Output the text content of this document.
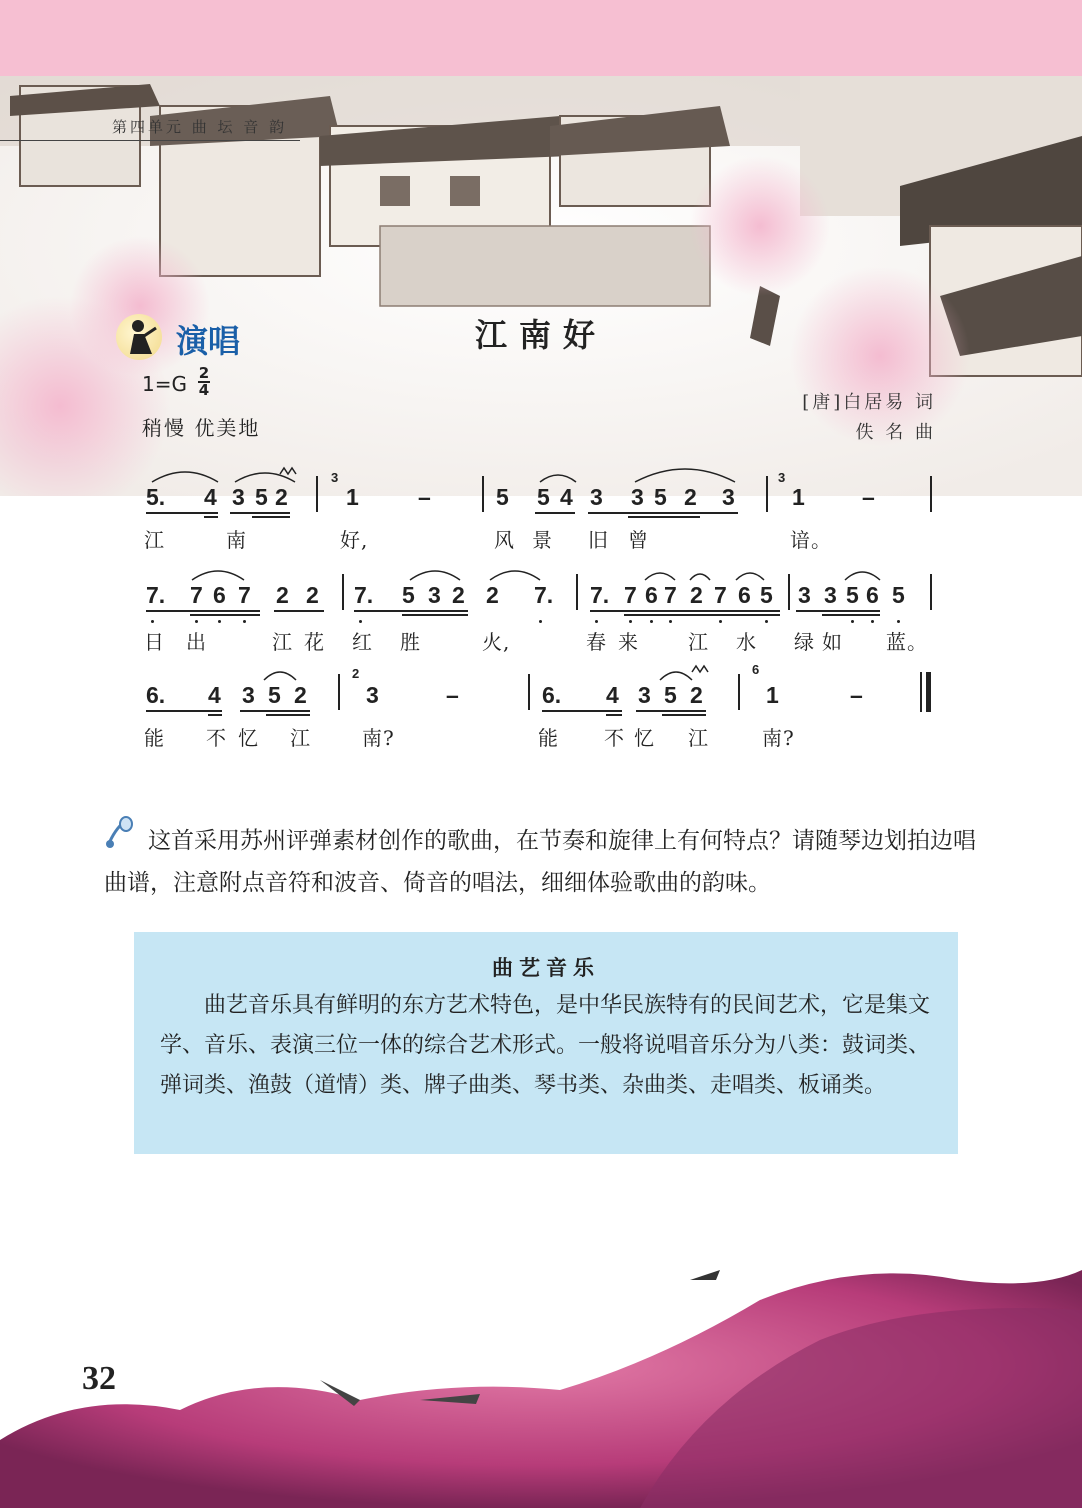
第四单元 曲 坛 音 韵
演唱	江南好
1=G 2
4
稍慢 优美地
[唐]白居易 词
佚 名 曲
5. 4 3 5 2	1	–	5 5 4 3 3 5 2 3 1 –
3	3
江	南	好,	风 景 旧 曾	谙。
7. 7 6 7 2 2 7. 5 3 2 2 7. 7. 7 6 7 2 7 6 5 3 3 5 6 5
日 出	江 花 红 胜	火,	春 来 江 水 绿 如 蓝。
6. 4 3 5 2	3	–	6. 4 3 5 2	1	–
2	6
能 不 忆 江	南?	能 不 忆 江	南?
这首采用苏州评弹素材创作的歌曲，在节奏和旋律上有何特点？请随琴边划拍边唱曲谱，注意附点音符和波音、倚音的唱法，细细体验歌曲的韵味。
曲艺音乐
曲艺音乐具有鲜明的东方艺术特色，是中华民族特有的民间艺术，它是集文学、音乐、表演三位一体的综合艺术形式。一般将说唱音乐分为八类：鼓词类、弹词类、渔鼓（道情）类、牌子曲类、琴书类、杂曲类、走唱类、板诵类。
32
